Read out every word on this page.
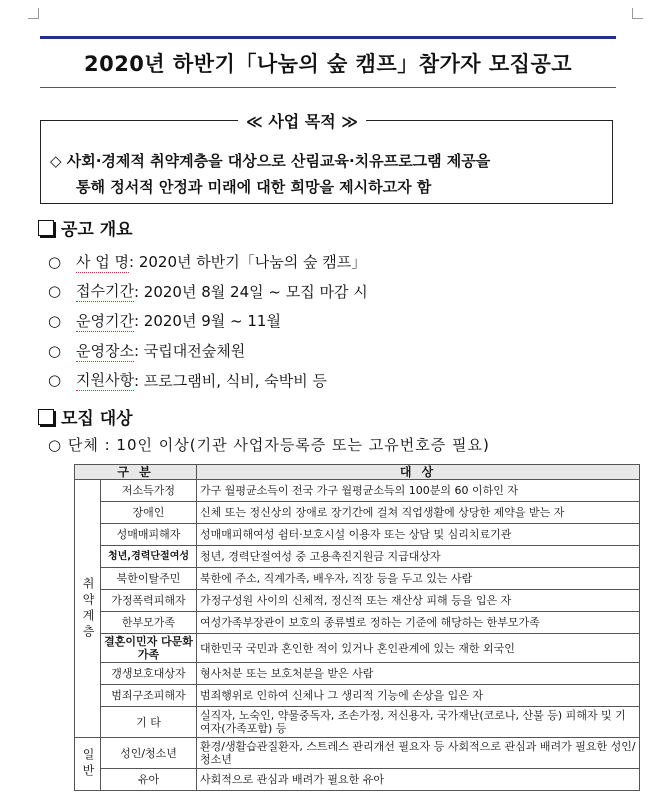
2020년 하반기「나눔의 숲 캠프」참가자 모집공고
≪ 사업 목적 ≫
◇ 사회·경제적 취약계층을 대상으로 산림교육·치유프로그램 제공을
통해 정서적 안정과 미래에 대한 희망을 제시하고자 함
공고 개요
○ 사 업 명 : 2020년 하반기「나눔의 숲 캠프」
○ 접수기간 : 2020년 8월 24일 ~ 모집 마감 시
○ 운영기간 : 2020년 9월 ~ 11월
○ 운영장소 : 국립대전숲체원
○ 지원사항 : 프로그램비, 식비, 숙박비 등
모집 대상
○ 단체 : 10인 이상(기관 사업자등록증 또는 고유번호증 필요)
구 분		대 상
취약계층	저소득가정	가구 월평균소득이 전국 가구 월평균소득의 100분의 60 이하인 자
	장애인	신체 또는 정신상의 장애로 장기간에 걸쳐 직업생활에 상당한 제약을 받는 자
	성매매피해자	성매매피해여성 쉼터·보호시설 이용자 또는 상담 및 심리치료기관
	청년,경력단절여성	청년, 경력단절여성 중 고용촉진지원금 지급대상자
	북한이탈주민	북한에 주소, 직계가족, 배우자, 직장 등을 두고 있는 사람
	가정폭력피해자	가정구성원 사이의 신체적, 정신적 또는 재산상 피해 등을 입은 자
	한부모가족	여성가족부장관이 보호의 종류별로 정하는 기준에 해당하는 한부모가족
	결혼이민자 다문화가족	대한민국 국민과 혼인한 적이 있거나 혼인관계에 있는 재한 외국인
	갱생보호대상자	형사처분 또는 보호처분을 받은 사람
	범죄구조피해자	범죄행위로 인하여 신체나 그 생리적 기능에 손상을 입은 자
	기 타	실직자, 노숙인, 약물중독자, 조손가정, 저신용자, 국가재난(코로나, 산불 등) 피해자 및 기여자(가족포함) 등
일반	성인/청소년	환경/생활습관질환자, 스트레스 관리개선 필요자 등 사회적으로 관심과 배려가 필요한 성인/청소년
	유아	사회적으로 관심과 배려가 필요한 유아
